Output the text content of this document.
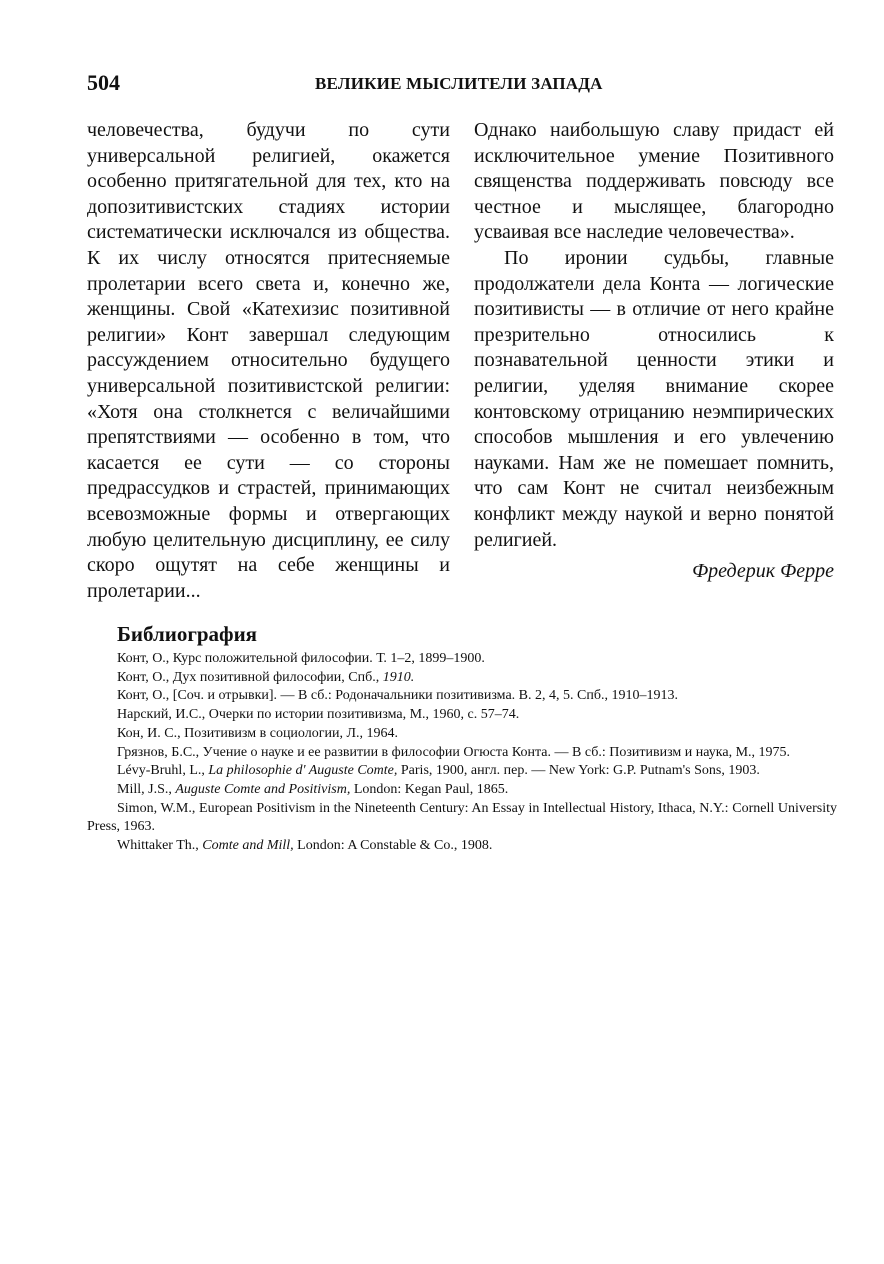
504	ВЕЛИКИЕ МЫСЛИТЕЛИ ЗАПАДА

человечества, будучи по сути универсальной религией, окажется особенно притягательной для тех, кто на допозитивистских стадиях истории систематически исключался из общества. К их числу относятся притесняемые пролетарии всего света и, конечно же, женщины. Свой «Катехизис позитивной религии» Конт завершал следующим рассуждением относительно будущего универсальной позитивистской религии: «Хотя она столкнется с величайшими препятствиями — особенно в том, что касается ее сути — со стороны предрассудков и страстей, принимающих всевозможные формы и отвергающих любую целительную дисциплину, ее силу скоро ощутят на себе женщины и пролетарии...

Однако наибольшую славу придаст ей исключительное умение Позитивного священства поддерживать повсюду все честное и мыслящее, благородно усваивая все наследие человечества».

По иронии судьбы, главные продолжатели дела Конта — логические позитивисты — в отличие от него крайне презрительно относились к познавательной ценности этики и религии, уделяя внимание скорее контовскому отрицанию неэмпирических способов мышления и его увлечению науками. Нам же не помешает помнить, что сам Конт не считал неизбежным конфликт между наукой и верно понятой религией.

Фредерик Ферре

Библиография
Конт, О., Курс положительной философии. Т. 1–2, 1899–1900.
Конт, О., Дух позитивной философии, Спб., 1910.
Конт, О., [Соч. и отрывки]. — В сб.: Родоначальники позитивизма. В. 2, 4, 5. Спб., 1910–1913.
Нарский, И.С., Очерки по истории позитивизма, М., 1960, с. 57–74.
Кон, И. С., Позитивизм в социологии, Л., 1964.
Грязнов, Б.С., Учение о науке и ее развитии в философии Огюста Конта. — В сб.: Позитивизм и наука, М., 1975.
Lévy-Bruhl, L., La philosophie d' Auguste Comte, Paris, 1900, англ. пер. — New York: G.P. Putnam's Sons, 1903.
Mill, J.S., Auguste Comte and Positivism, London: Kegan Paul, 1865.
Simon, W.M., European Positivism in the Nineteenth Century: An Essay in Intellectual History, Ithaca, N.Y.: Cornell University Press, 1963.
Whittaker Th., Comte and Mill, London: A Constable & Co., 1908.
